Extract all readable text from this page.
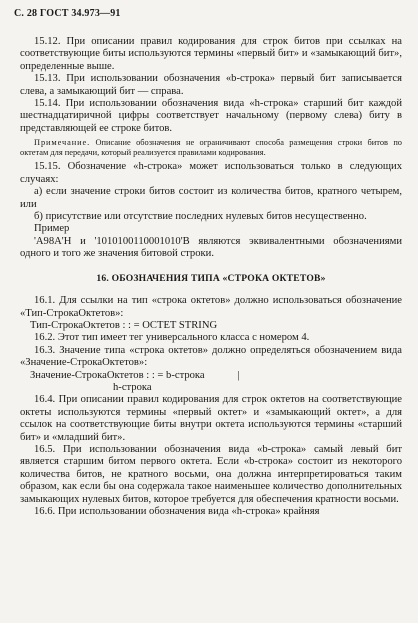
С. 28 ГОСТ 34.973—91

15.12. При описании правил кодирования для строк битов при ссылках на соответствующие биты используются термины «первый бит» и «замыкающий бит», определенные выше.

15.13. При использовании обозначения «b-строка» первый бит записывается слева, а замыкающий бит — справа.

15.14. При использовании обозначения вида «h-строка» старший бит каждой шестнадцатиричной цифры соответствует начальному (первому слева) биту в представляющей ее строке битов.

Примечание. Описание обозначения не ограничивают способа размещения строки битов по октетам для передачи, который реализуется правилами кодирования.

15.15. Обозначение «h-строка» может использоваться только в следующих случаях:

а) если значение строки битов состоит из количества битов, кратного четырем, или

б) присутствие или отсутствие последних нулевых битов несущественно.

Пример

'A98A'H и '1010100110001010'B являются эквивалентными обозначениями одного и того же значения битовой строки.

16. ОБОЗНАЧЕНИЯ ТИПА «СТРОКА ОКТЕТОВ»

16.1. Для ссылки на тип «строка октетов» должно использоваться обозначение «Тип-СтрокаОктетов»:

Тип-СтрокаОктетов : : = OCTET STRING

16.2. Этот тип имеет тег универсального класса с номером 4.

16.3. Значение типа «строка октетов» должно определяться обозначением вида «Значение-СтрокаОктетов»:

Значение-СтрокаОктетов : : = b-строка	|
h-строка

16.4. При описании правил кодирования для строк октетов на соответствующие октеты используются термины «первый октет» и «замыкающий октет», а для ссылок на соответствующие биты внутри октета используются термины «старший бит» и «младший бит».

16.5. При использовании обозначения вида «b-строка» самый левый бит является старшим битом первого октета. Если «b-строка» состоит из некоторого количества битов, не кратного восьми, она должна интерпретироваться таким образом, как если бы она содержала такое наименьшее количество дополнительных замыкающих нулевых битов, которое требуется для обеспечения кратности восьми.

16.6. При использовании обозначения вида «h-строка» крайняя
